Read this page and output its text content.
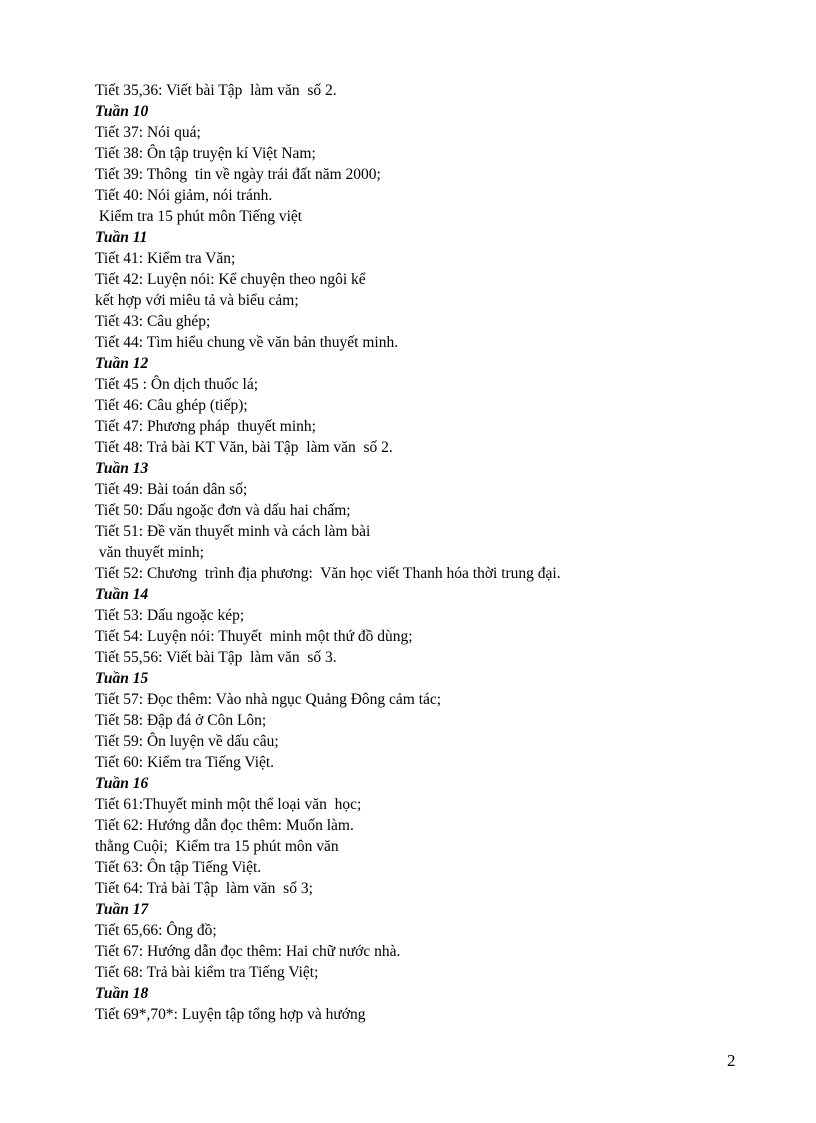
Tiết 35,36: Viết bài Tập  làm văn  số 2.
Tuần 10
Tiết 37: Nói quá;
Tiết 38: Ôn tập truyện kí Việt Nam;
Tiết 39: Thông  tin về ngày trái đất năm 2000;
Tiết 40: Nói giảm, nói tránh.
Kiểm tra 15 phút môn Tiếng việt
Tuần 11
Tiết 41: Kiểm tra Văn;
Tiết 42: Luyện nói: Kể chuyện theo ngôi kể
kết hợp với miêu tả và biểu cảm;
Tiết 43: Câu ghép;
Tiết 44: Tìm hiểu chung về văn bản thuyết minh.
Tuần 12
Tiết 45 : Ôn dịch thuốc lá;
Tiết 46: Câu ghép (tiếp);
Tiết 47: Phương pháp  thuyết minh;
Tiết 48: Trả bài KT Văn, bài Tập  làm văn  số 2.
Tuần 13
Tiết 49: Bài toán dân số;
Tiết 50: Dấu ngoặc đơn và dấu hai chấm;
Tiết 51: Đề văn thuyết minh và cách làm bài
văn thuyết minh;
Tiết 52: Chương  trình địa phương:  Văn học viết Thanh hóa thời trung đại.
Tuần 14
Tiết 53: Dấu ngoặc kép;
Tiết 54: Luyện nói: Thuyết  minh một thứ đồ dùng;
Tiết 55,56: Viết bài Tập  làm văn  số 3.
Tuần 15
Tiết 57: Đọc thêm: Vào nhà ngục Quảng Đông cảm tác;
Tiết 58: Đập đá ở Côn Lôn;
Tiết 59: Ôn luyện về dấu câu;
Tiết 60: Kiểm tra Tiếng Việt.
Tuần 16
Tiết 61:Thuyết minh một thể loại văn  học;
Tiết 62: Hướng dẫn đọc thêm: Muốn làm.
thằng Cuội;  Kiểm tra 15 phút môn văn
Tiết 63: Ôn tập Tiếng Việt.
Tiết 64: Trả bài Tập  làm văn  số 3;
Tuần 17
Tiết 65,66: Ông đồ;
Tiết 67: Hướng dẫn đọc thêm: Hai chữ nước nhà.
Tiết 68: Trả bài kiểm tra Tiếng Việt;
Tuần 18
Tiết 69*,70*: Luyện tập tổng hợp và hướng
2
